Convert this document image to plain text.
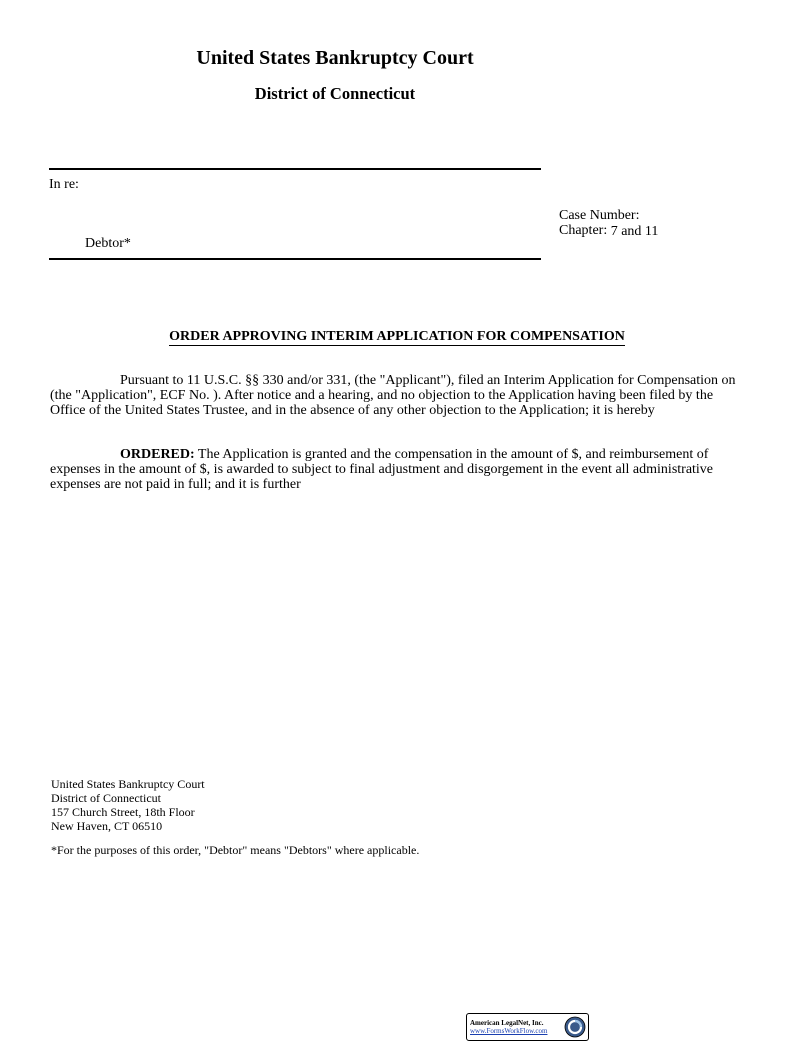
United States Bankruptcy Court
District of Connecticut
In re:
Debtor*
Case Number:
Chapter: 7 and 11
ORDER APPROVING INTERIM APPLICATION FOR COMPENSATION
Pursuant to 11 U.S.C. §§ 330 and/or 331, (the "Applicant"), filed an Interim Application for Compensation on (the "Application", ECF No. ). After notice and a hearing, and no objection to the Application having been filed by the Office of the United States Trustee, and in the absence of any other objection to the Application; it is hereby
ORDERED: The Application is granted and the compensation in the amount of $, and reimbursement of expenses in the amount of $, is awarded to subject to final adjustment and disgorgement in the event all administrative expenses are not paid in full; and it is further
United States Bankruptcy Court
District of Connecticut
157 Church Street, 18th Floor
New Haven, CT 06510
*For the purposes of this order, "Debtor" means "Debtors" where applicable.
American LegalNet, Inc.
www.FormsWorkFlow.com
